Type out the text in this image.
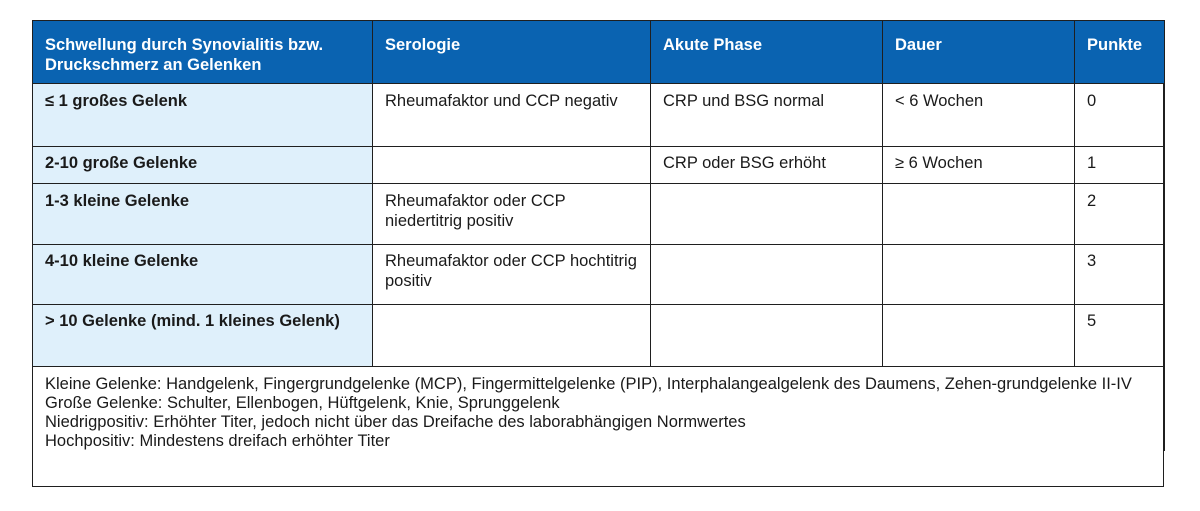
Schwellung durch Synovialitis bzw. Druckschmerz an Gelenken	Serologie	Akute Phase	Dauer	Punkte
≤ 1 großes Gelenk	Rheumafaktor und CCP negativ	CRP und BSG normal	< 6 Wochen	0
2-10 große Gelenke		CRP oder BSG erhöht	≥ 6 Wochen	1
1-3 kleine Gelenke	Rheumafaktor oder CCP niedertitrig positiv			2
4-10 kleine Gelenke	Rheumafaktor oder CCP hochtitrig positiv			3
> 10 Gelenke (mind. 1 kleines Gelenk)				5

Kleine Gelenke: Handgelenk, Fingergrundgelenke (MCP), Fingermittelgelenke (PIP), Interphalangealgelenk des Daumens, Zehen-grundgelenke II-IV
Große Gelenke: Schulter, Ellenbogen, Hüftgelenk, Knie, Sprunggelenk
Niedrigpositiv: Erhöhter Titer, jedoch nicht über das Dreifache des laborabhängigen Normwertes
Hochpositiv: Mindestens dreifach erhöhter Titer				
